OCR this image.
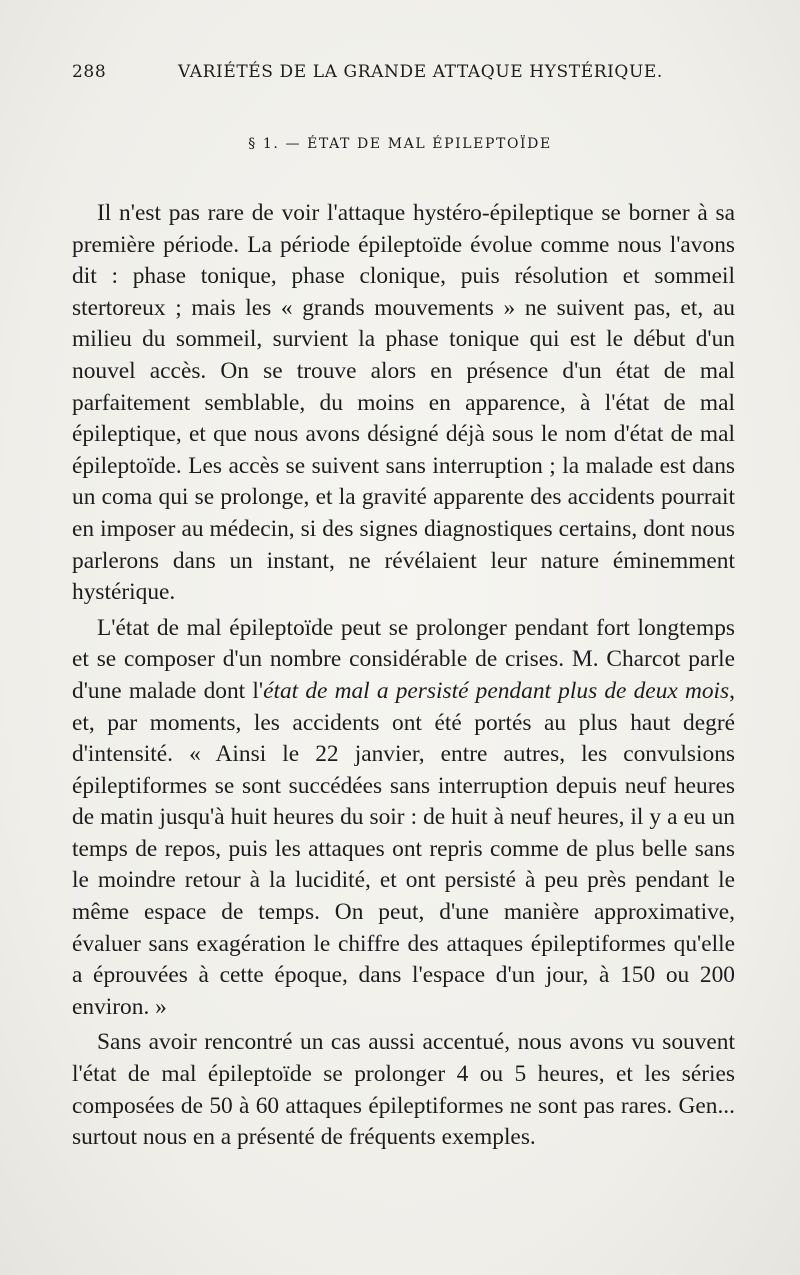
288	VARIÉTÉS DE LA GRANDE ATTAQUE HYSTÉRIQUE.
§ 1. — ÉTAT DE MAL ÉPILEPTOÏDE

Il n'est pas rare de voir l'attaque hystéro-épileptique se borner à sa première période. La période épileptoïde évolue comme nous l'avons dit : phase tonique, phase clonique, puis résolution et sommeil stertoreux ; mais les « grands mouvements » ne suivent pas, et, au milieu du sommeil, survient la phase tonique qui est le début d'un nouvel accès. On se trouve alors en présence d'un état de mal parfaitement semblable, du moins en apparence, à l'état de mal épileptique, et que nous avons désigné déjà sous le nom d'état de mal épileptoïde. Les accès se suivent sans interruption ; la malade est dans un coma qui se prolonge, et la gravité apparente des accidents pourrait en imposer au médecin, si des signes diagnostiques certains, dont nous parlerons dans un instant, ne révélaient leur nature éminemment hystérique.

L'état de mal épileptoïde peut se prolonger pendant fort longtemps et se composer d'un nombre considérable de crises. M. Charcot parle d'une malade dont l'état de mal a persisté pendant plus de deux mois, et, par moments, les accidents ont été portés au plus haut degré d'intensité. « Ainsi le 22 janvier, entre autres, les convulsions épileptiformes se sont succédées sans interruption depuis neuf heures de matin jusqu'à huit heures du soir : de huit à neuf heures, il y a eu un temps de repos, puis les attaques ont repris comme de plus belle sans le moindre retour à la lucidité, et ont persisté à peu près pendant le même espace de temps. On peut, d'une manière approximative, évaluer sans exagération le chiffre des attaques épileptiformes qu'elle a éprouvées à cette époque, dans l'espace d'un jour, à 150 ou 200 environ. »

Sans avoir rencontré un cas aussi accentué, nous avons vu souvent l'état de mal épileptoïde se prolonger 4 ou 5 heures, et les séries composées de 50 à 60 attaques épileptiformes ne sont pas rares. Gen... surtout nous en a présenté de fréquents exemples.
